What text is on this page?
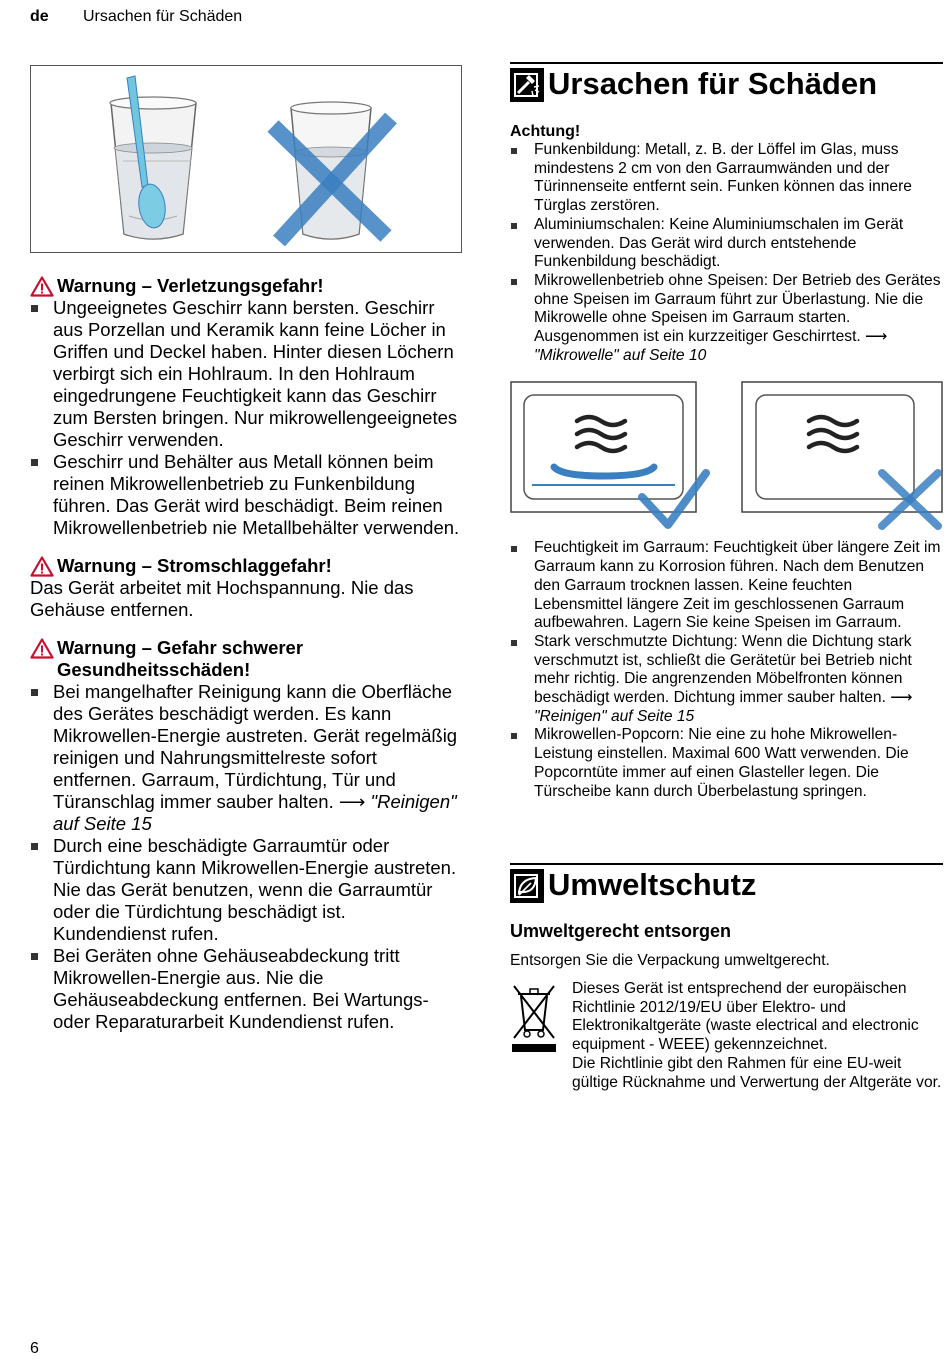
de Ursachen für Schäden
Warnung – Verletzungsgefahr!
Ungeeignetes Geschirr kann bersten. Geschirr aus Porzellan und Keramik kann feine Löcher in Griffen und Deckel haben. Hinter diesen Löchern verbirgt sich ein Hohlraum. In den Hohlraum eingedrungene Feuchtigkeit kann das Geschirr zum Bersten bringen. Nur mikrowellengeeignetes Geschirr verwenden.
Geschirr und Behälter aus Metall können beim reinen Mikrowellenbetrieb zu Funkenbildung führen. Das Gerät wird beschädigt. Beim reinen Mikrowellenbetrieb nie Metallbehälter verwenden.
Warnung – Stromschlaggefahr!

Das Gerät arbeitet mit Hochspannung. Nie das Gehäuse entfernen.

Warnung – Gefahr schwerer Gesundheitsschäden!
Bei mangelhafter Reinigung kann die Oberfläche des Gerätes beschädigt werden. Es kann Mikrowellen-Energie austreten. Gerät regelmäßig reinigen und Nahrungsmittelreste sofort entfernen. Garraum, Türdichtung, Tür und Türanschlag immer sauber halten. ⟶ "Reinigen" auf Seite 15
Durch eine beschädigte Garraumtür oder Türdichtung kann Mikrowellen-Energie austreten. Nie das Gerät benutzen, wenn die Garraumtür oder die Türdichtung beschädigt ist. Kundendienst rufen.
Bei Geräten ohne Gehäuseabdeckung tritt Mikrowellen-Energie aus. Nie die Gehäuseabdeckung entfernen. Bei Wartungs- oder Reparaturarbeit Kundendienst rufen.
Ursachen für Schäden

Achtung!

Funkenbildung: Metall, z. B. der Löffel im Glas, muss mindestens 2 cm von den Garraumwänden und der Türinnenseite entfernt sein. Funken können das innere Türglas zerstören.
Aluminiumschalen: Keine Aluminiumschalen im Gerät verwenden. Das Gerät wird durch entstehende Funkenbildung beschädigt.
Mikrowellenbetrieb ohne Speisen: Der Betrieb des Gerätes ohne Speisen im Garraum führt zur Überlastung. Nie die Mikrowelle ohne Speisen im Garraum starten. Ausgenommen ist ein kurzzeitiger Geschirrtest. ⟶ "Mikrowelle" auf Seite 10
Feuchtigkeit im Garraum: Feuchtigkeit über längere Zeit im Garraum kann zu Korrosion führen. Nach dem Benutzen den Garraum trocknen lassen. Keine feuchten Lebensmittel längere Zeit im geschlossenen Garraum aufbewahren. Lagern Sie keine Speisen im Garraum.
Stark verschmutzte Dichtung: Wenn die Dichtung stark verschmutzt ist, schließt die Gerätetür bei Betrieb nicht mehr richtig. Die angrenzenden Möbelfronten können beschädigt werden. Dichtung immer sauber halten. ⟶ "Reinigen" auf Seite 15
Mikrowellen-Popcorn: Nie eine zu hohe Mikrowellen-Leistung einstellen. Maximal 600 Watt verwenden. Die Popcorntüte immer auf einen Glasteller legen. Die Türscheibe kann durch Überbelastung springen.
Umweltschutz

Umweltgerecht entsorgen

Entsorgen Sie die Verpackung umweltgerecht.

Dieses Gerät ist entsprechend der europäischen Richtlinie 2012/19/EU über Elektro- und Elektronikaltgeräte (waste electrical and electronic equipment - WEEE) gekennzeichnet.

Die Richtlinie gibt den Rahmen für eine EU-weit gültige Rücknahme und Verwertung der Altgeräte vor.

6
